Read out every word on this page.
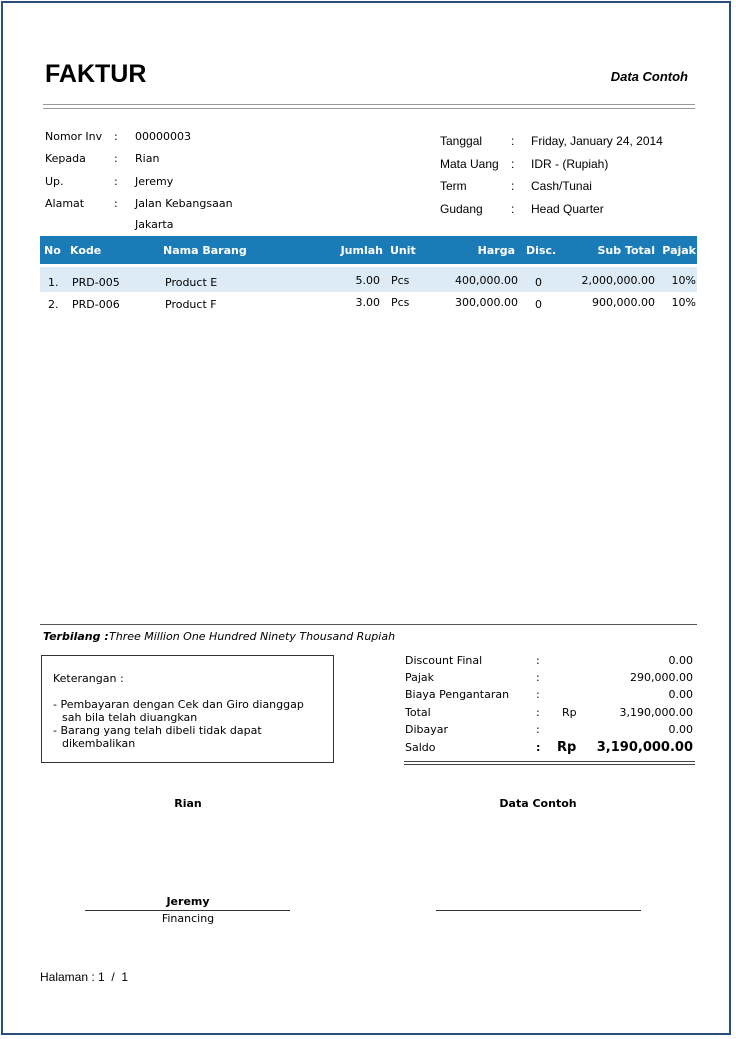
FAKTUR	Data Contoh
Nomor Inv : 00000003
Kepada	: Rian
Up.	: Jeremy
Alamat	: Jalan Kebangsaan
Jakarta
Tanggal : Friday, January 24, 2014
Mata Uang : IDR - (Rupiah)
Term	: Cash/Tunai
Gudang : Head Quarter
No Kode	Nama Barang	Jumlah Unit	Harga Disc.	Sub Total Pajak
1. PRD-005	Product E	5.00 Pcs	400,000.00 0	2,000,000.00 10%
2. PRD-006	Product F	3.00 Pcs	300,000.00 0	900,000.00 10%
Terbilang : Three Million One Hundred Ninety Thousand Rupiah
Keterangan :
- Pembayaran dengan Cek dan Giro dianggap
sah bila telah diuangkan
- Barang yang telah dibeli tidak dapat
dikembalikan
Discount Final	:	0.00
Pajak	:	290,000.00
Biaya Pengantaran :	0.00
Total	: Rp	3,190,000.00
Dibayar	:	0.00
Saldo	: Rp 3,190,000.00
Rian	Data Contoh
Jeremy
Financing
Halaman : 1 / 1
